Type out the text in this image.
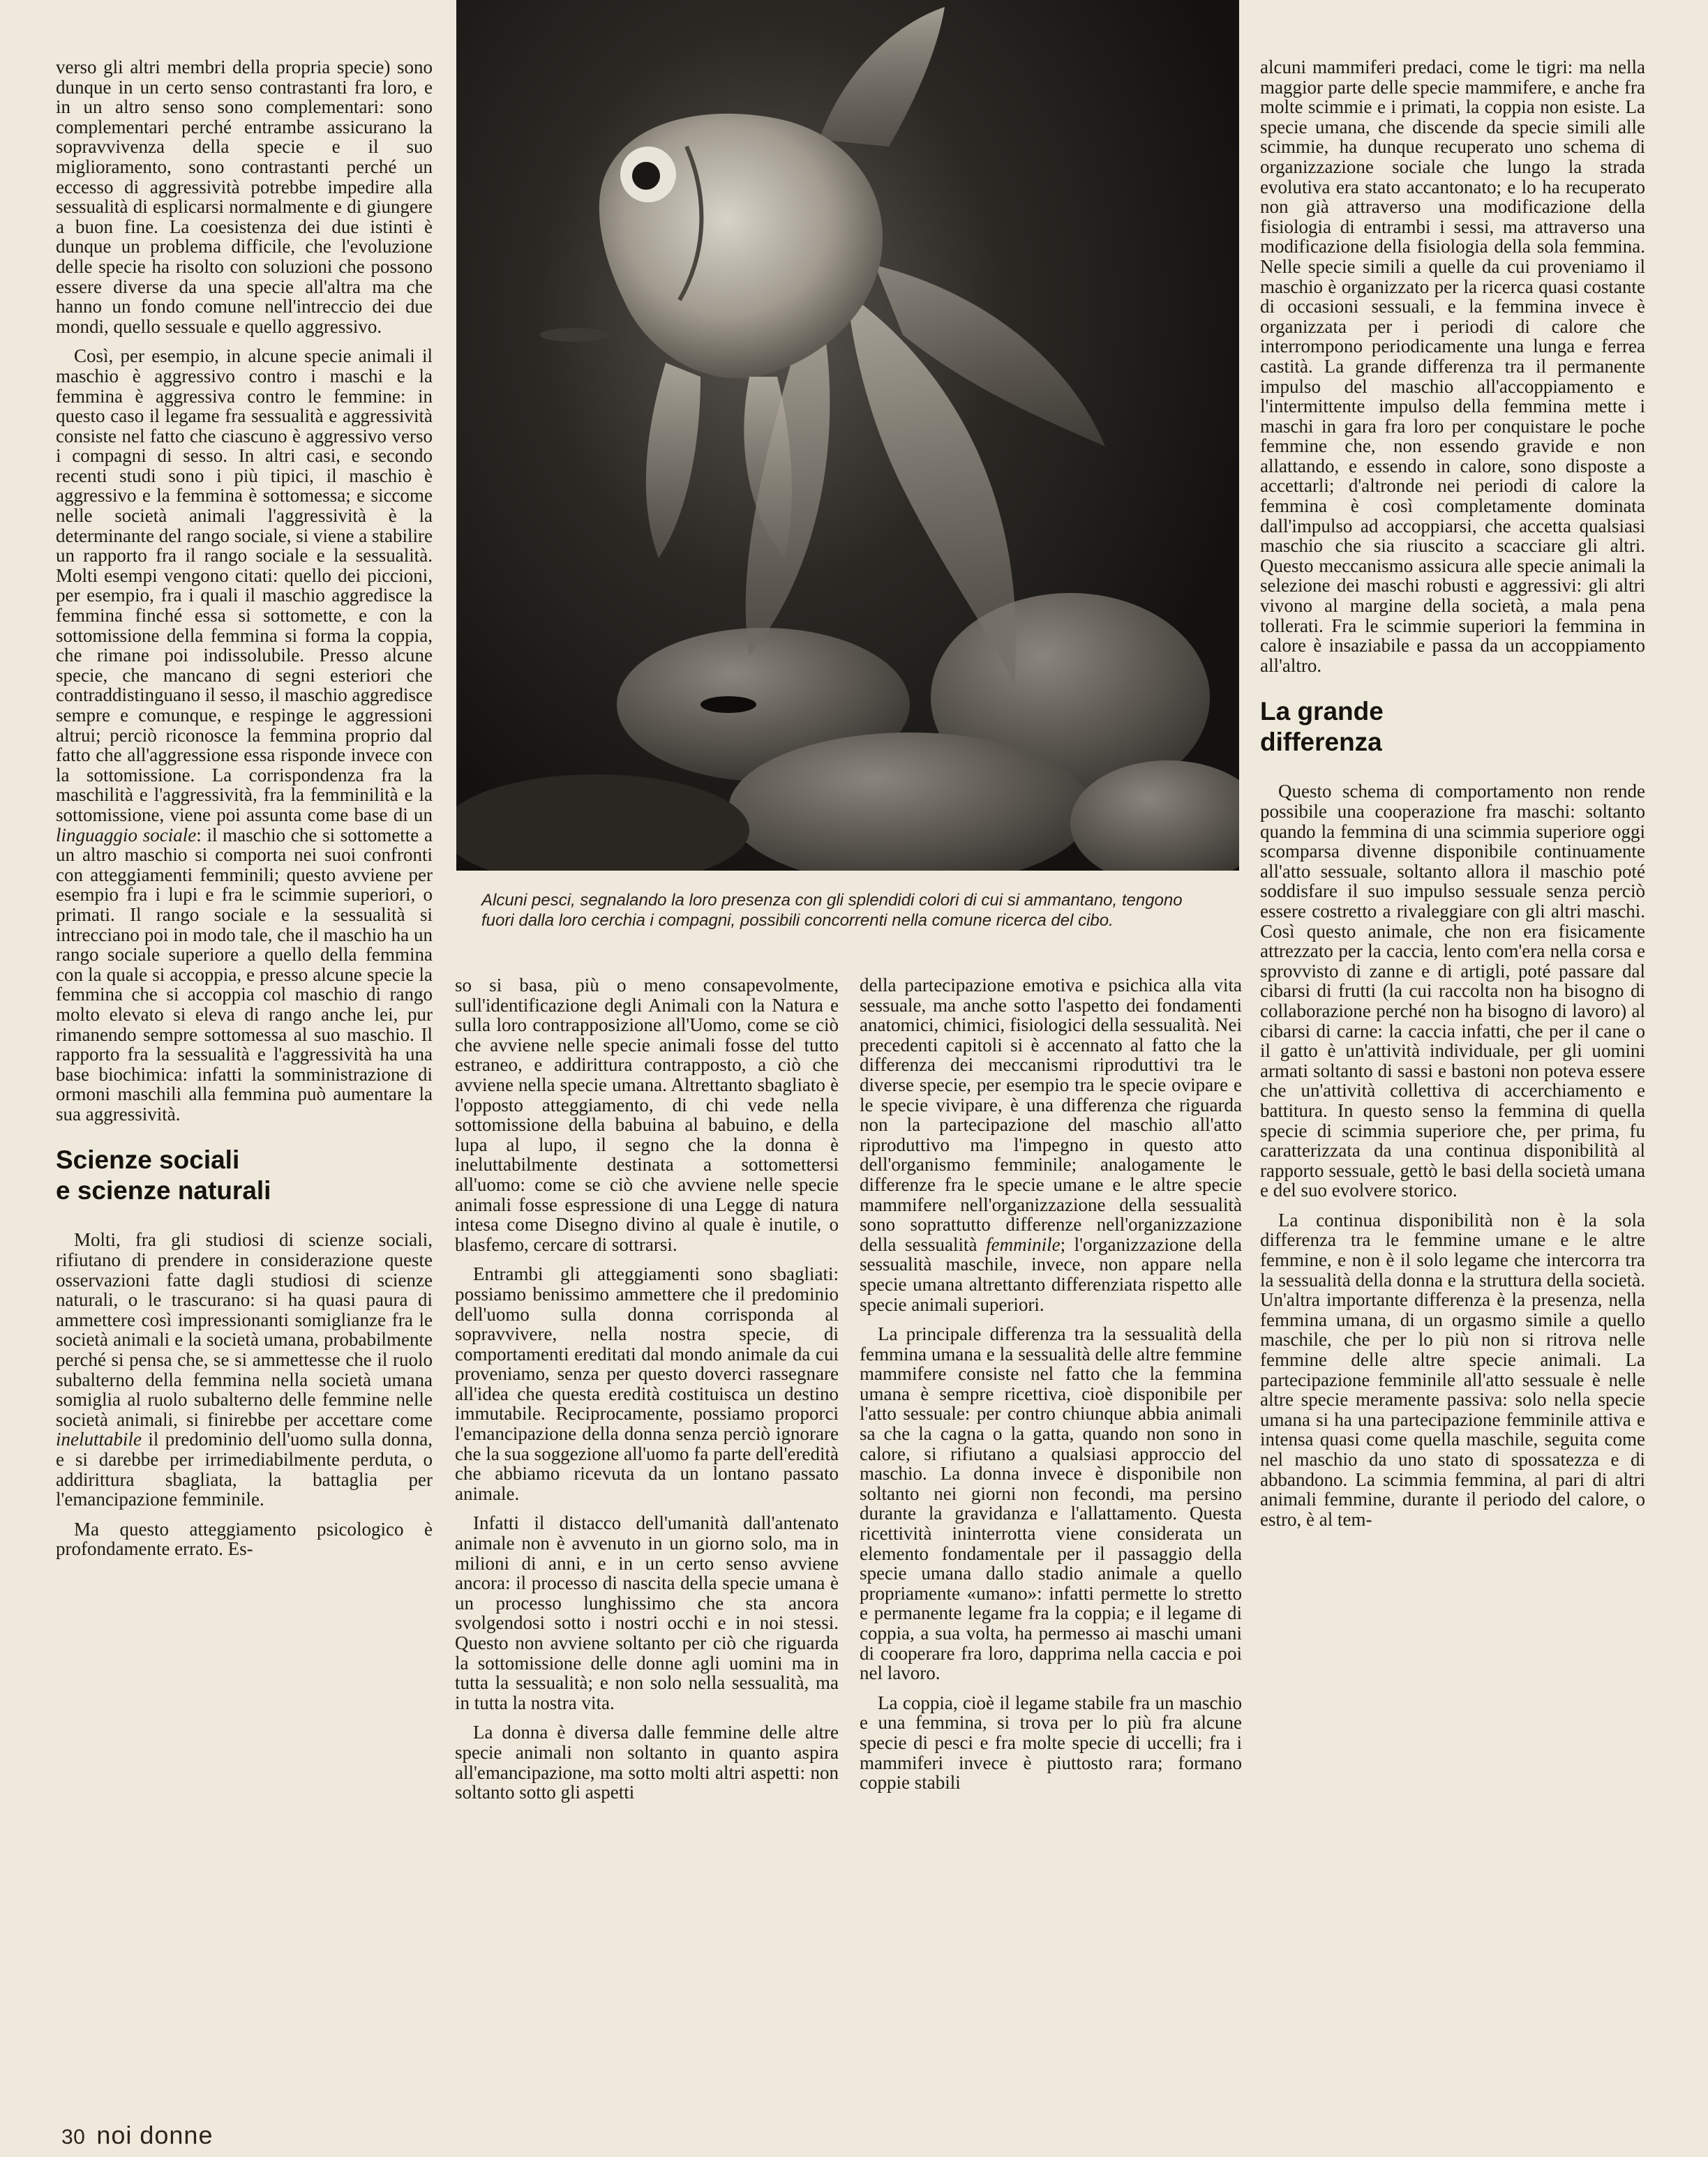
verso gli altri membri della propria specie) sono dunque in un certo senso contrastanti fra loro, e in un altro senso sono complementari: sono complementari perché entrambe assicurano la sopravvivenza della specie e il suo miglioramento, sono contrastanti perché un eccesso di aggressività potrebbe impedire alla sessualità di esplicarsi normalmente e di giungere a buon fine. La coesistenza dei due istinti è dunque un problema difficile, che l'evoluzione delle specie ha risolto con soluzioni che possono essere diverse da una specie all'altra ma che hanno un fondo comune nell'intreccio dei due mondi, quello sessuale e quello aggressivo.

Così, per esempio, in alcune specie animali il maschio è aggressivo contro i maschi e la femmina è aggressiva contro le femmine: in questo caso il legame fra sessualità e aggressività consiste nel fatto che ciascuno è aggressivo verso i compagni di sesso. In altri casi, e secondo recenti studi sono i più tipici, il maschio è aggressivo e la femmina è sottomessa; e siccome nelle società animali l'aggressività è la determinante del rango sociale, si viene a stabilire un rapporto fra il rango sociale e la sessualità. Molti esempi vengono citati: quello dei piccioni, per esempio, fra i quali il maschio aggredisce la femmina finché essa si sottomette, e con la sottomissione della femmina si forma la coppia, che rimane poi indissolubile. Presso alcune specie, che mancano di segni esteriori che contraddistinguano il sesso, il maschio aggredisce sempre e comunque, e respinge le aggressioni altrui; perciò riconosce la femmina proprio dal fatto che all'aggressione essa risponde invece con la sottomissione. La corrispondenza fra la maschilità e l'aggressività, fra la femminilità e la sottomissione, viene poi assunta come base di un linguaggio sociale: il maschio che si sottomette a un altro maschio si comporta nei suoi confronti con atteggiamenti femminili; questo avviene per esempio fra i lupi e fra le scimmie superiori, o primati. Il rango sociale e la sessualità si intrecciano poi in modo tale, che il maschio ha un rango sociale superiore a quello della femmina con la quale si accoppia, e presso alcune specie la femmina che si accoppia col maschio di rango molto elevato si eleva di rango anche lei, pur rimanendo sempre sottomessa al suo maschio. Il rapporto fra la sessualità e l'aggressività ha una base biochimica: infatti la somministrazione di ormoni maschili alla femmina può aumentare la sua aggressività.

Scienze sociali
e scienze naturali

Molti, fra gli studiosi di scienze sociali, rifiutano di prendere in considerazione queste osservazioni fatte dagli studiosi di scienze naturali, o le trascurano: si ha quasi paura di ammettere così impressionanti somiglianze fra le società animali e la società umana, probabilmente perché si pensa che, se si ammettesse che il ruolo subalterno della femmina nella società umana somiglia al ruolo subalterno delle femmine nelle società animali, si finirebbe per accettare come ineluttabile il predominio dell'uomo sulla donna, e si darebbe per irrimediabilmente perduta, o addirittura sbagliata, la battaglia per l'emancipazione femminile.

Ma questo atteggiamento psicologico è profondamente errato. Es-

Alcuni pesci, segnalando la loro presenza con gli splendidi colori di cui si ammantano, tengono fuori dalla loro cerchia i compagni, possibili concorrenti nella comune ricerca del cibo.

so si basa, più o meno consapevolmente, sull'identificazione degli Animali con la Natura e sulla loro contrapposizione all'Uomo, come se ciò che avviene nelle specie animali fosse del tutto estraneo, e addirittura contrapposto, a ciò che avviene nella specie umana. Altrettanto sbagliato è l'opposto atteggiamento, di chi vede nella sottomissione della babuina al babuino, e della lupa al lupo, il segno che la donna è ineluttabilmente destinata a sottomettersi all'uomo: come se ciò che avviene nelle specie animali fosse espressione di una Legge di natura intesa come Disegno divino al quale è inutile, o blasfemo, cercare di sottrarsi.

Entrambi gli atteggiamenti sono sbagliati: possiamo benissimo ammettere che il predominio dell'uomo sulla donna corrisponda al sopravvivere, nella nostra specie, di comportamenti ereditati dal mondo animale da cui proveniamo, senza per questo doverci rassegnare all'idea che questa eredità costituisca un destino immutabile. Reciprocamente, possiamo proporci l'emancipazione della donna senza perciò ignorare che la sua soggezione all'uomo fa parte dell'eredità che abbiamo ricevuta da un lontano passato animale.

Infatti il distacco dell'umanità dall'antenato animale non è avvenuto in un giorno solo, ma in milioni di anni, e in un certo senso avviene ancora: il processo di nascita della specie umana è un processo lunghissimo che sta ancora svolgendosi sotto i nostri occhi e in noi stessi. Questo non avviene soltanto per ciò che riguarda la sottomissione delle donne agli uomini ma in tutta la sessualità; e non solo nella sessualità, ma in tutta la nostra vita.

La donna è diversa dalle femmine delle altre specie animali non soltanto in quanto aspira all'emancipazione, ma sotto molti altri aspetti: non soltanto sotto gli aspetti

della partecipazione emotiva e psichica alla vita sessuale, ma anche sotto l'aspetto dei fondamenti anatomici, chimici, fisiologici della sessualità. Nei precedenti capitoli si è accennato al fatto che la differenza dei meccanismi riproduttivi tra le diverse specie, per esempio tra le specie ovipare e le specie vivipare, è una differenza che riguarda non la partecipazione del maschio all'atto riproduttivo ma l'impegno in questo atto dell'organismo femminile; analogamente le differenze fra le specie umane e le altre specie mammifere nell'organizzazione della sessualità sono soprattutto differenze nell'organizzazione della sessualità femminile; l'organizzazione della sessualità maschile, invece, non appare nella specie umana altrettanto differenziata rispetto alle specie animali superiori.

La principale differenza tra la sessualità della femmina umana e la sessualità delle altre femmine mammifere consiste nel fatto che la femmina umana è sempre ricettiva, cioè disponibile per l'atto sessuale: per contro chiunque abbia animali sa che la cagna o la gatta, quando non sono in calore, si rifiutano a qualsiasi approccio del maschio. La donna invece è disponibile non soltanto nei giorni non fecondi, ma persino durante la gravidanza e l'allattamento. Questa ricettività ininterrotta viene considerata un elemento fondamentale per il passaggio della specie umana dallo stadio animale a quello propriamente «umano»: infatti permette lo stretto e permanente legame fra la coppia; e il legame di coppia, a sua volta, ha permesso ai maschi umani di cooperare fra loro, dapprima nella caccia e poi nel lavoro.

La coppia, cioè il legame stabile fra un maschio e una femmina, si trova per lo più fra alcune specie di pesci e fra molte specie di uccelli; fra i mammiferi invece è piuttosto rara; formano coppie stabili

alcuni mammiferi predaci, come le tigri: ma nella maggior parte delle specie mammifere, e anche fra molte scimmie e i primati, la coppia non esiste. La specie umana, che discende da specie simili alle scimmie, ha dunque recuperato uno schema di organizzazione sociale che lungo la strada evolutiva era stato accantonato; e lo ha recuperato non già attraverso una modificazione della fisiologia di entrambi i sessi, ma attraverso una modificazione della fisiologia della sola femmina. Nelle specie simili a quelle da cui proveniamo il maschio è organizzato per la ricerca quasi costante di occasioni sessuali, e la femmina invece è organizzata per i periodi di calore che interrompono periodicamente una lunga e ferrea castità. La grande differenza tra il permanente impulso del maschio all'accoppiamento e l'intermittente impulso della femmina mette i maschi in gara fra loro per conquistare le poche femmine che, non essendo gravide e non allattando, e essendo in calore, sono disposte a accettarli; d'altronde nei periodi di calore la femmina è così completamente dominata dall'impulso ad accoppiarsi, che accetta qualsiasi maschio che sia riuscito a scacciare gli altri. Questo meccanismo assicura alle specie animali la selezione dei maschi robusti e aggressivi: gli altri vivono al margine della società, a mala pena tollerati. Fra le scimmie superiori la femmina in calore è insaziabile e passa da un accoppiamento all'altro.

La grande
differenza

Questo schema di comportamento non rende possibile una cooperazione fra maschi: soltanto quando la femmina di una scimmia superiore oggi scomparsa divenne disponibile continuamente all'atto sessuale, soltanto allora il maschio poté soddisfare il suo impulso sessuale senza perciò essere costretto a rivaleggiare con gli altri maschi. Così questo animale, che non era fisicamente attrezzato per la caccia, lento com'era nella corsa e sprovvisto di zanne e di artigli, poté passare dal cibarsi di frutti (la cui raccolta non ha bisogno di collaborazione perché non ha bisogno di lavoro) al cibarsi di carne: la caccia infatti, che per il cane o il gatto è un'attività individuale, per gli uomini armati soltanto di sassi e bastoni non poteva essere che un'attività collettiva di accerchiamento e battitura. In questo senso la femmina di quella specie di scimmia superiore che, per prima, fu caratterizzata da una continua disponibilità al rapporto sessuale, gettò le basi della società umana e del suo evolvere storico.

La continua disponibilità non è la sola differenza tra le femmine umane e le altre femmine, e non è il solo legame che intercorra tra la sessualità della donna e la struttura della società. Un'altra importante differenza è la presenza, nella femmina umana, di un orgasmo simile a quello maschile, che per lo più non si ritrova nelle femmine delle altre specie animali. La partecipazione femminile all'atto sessuale è nelle altre specie meramente passiva: solo nella specie umana si ha una partecipazione femminile attiva e intensa quasi come quella maschile, seguita come nel maschio da uno stato di spossatezza e di abbandono. La scimmia femmina, al pari di altri animali femmine, durante il periodo del calore, o estro, è al tem-

30 noi donne
